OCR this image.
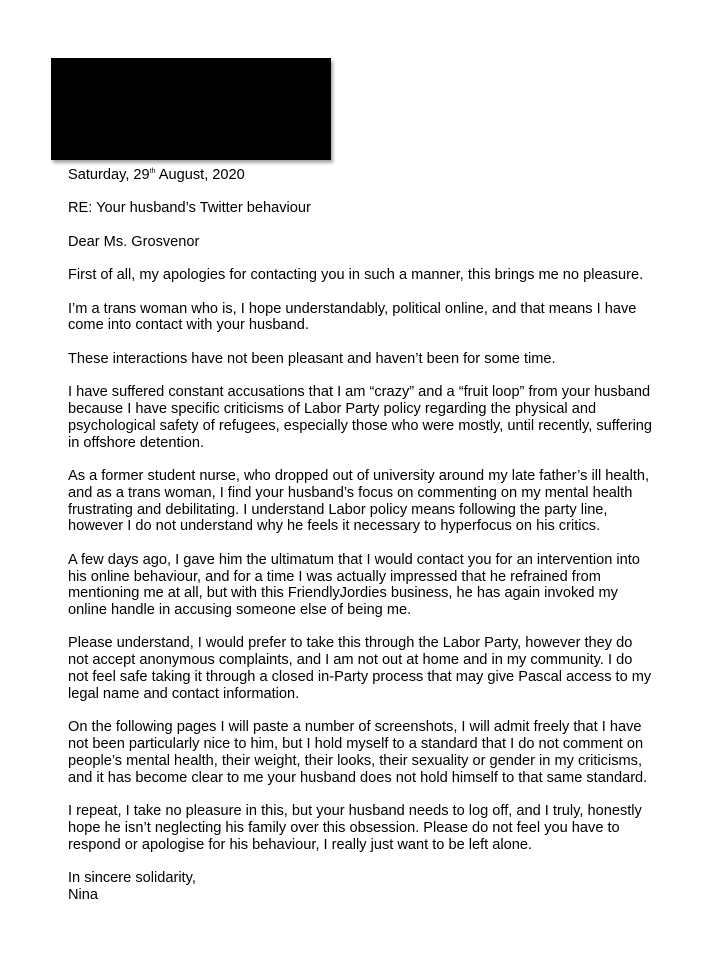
Saturday, 29th August, 2020

RE: Your husband’s Twitter behaviour

Dear Ms. Grosvenor

First of all, my apologies for contacting you in such a manner, this brings me no pleasure.

I’m a trans woman who is, I hope understandably, political online, and that means I have
come into contact with your husband.

These interactions have not been pleasant and haven’t been for some time.

I have suffered constant accusations that I am “crazy” and a “fruit loop” from your husband
because I have specific criticisms of Labor Party policy regarding the physical and
psychological safety of refugees, especially those who were mostly, until recently, suffering
in offshore detention.

As a former student nurse, who dropped out of university around my late father’s ill health,
and as a trans woman, I find your husband’s focus on commenting on my mental health
frustrating and debilitating. I understand Labor policy means following the party line,
however I do not understand why he feels it necessary to hyperfocus on his critics.

A few days ago, I gave him the ultimatum that I would contact you for an intervention into
his online behaviour, and for a time I was actually impressed that he refrained from
mentioning me at all, but with this FriendlyJordies business, he has again invoked my
online handle in accusing someone else of being me.

Please understand, I would prefer to take this through the Labor Party, however they do
not accept anonymous complaints, and I am not out at home and in my community. I do
not feel safe taking it through a closed in-Party process that may give Pascal access to my
legal name and contact information.

On the following pages I will paste a number of screenshots, I will admit freely that I have
not been particularly nice to him, but I hold myself to a standard that I do not comment on
people’s mental health, their weight, their looks, their sexuality or gender in my criticisms,
and it has become clear to me your husband does not hold himself to that same standard.

I repeat, I take no pleasure in this, but your husband needs to log off, and I truly, honestly
hope he isn’t neglecting his family over this obsession. Please do not feel you have to
respond or apologise for his behaviour, I really just want to be left alone.

In sincere solidarity,

Nina
